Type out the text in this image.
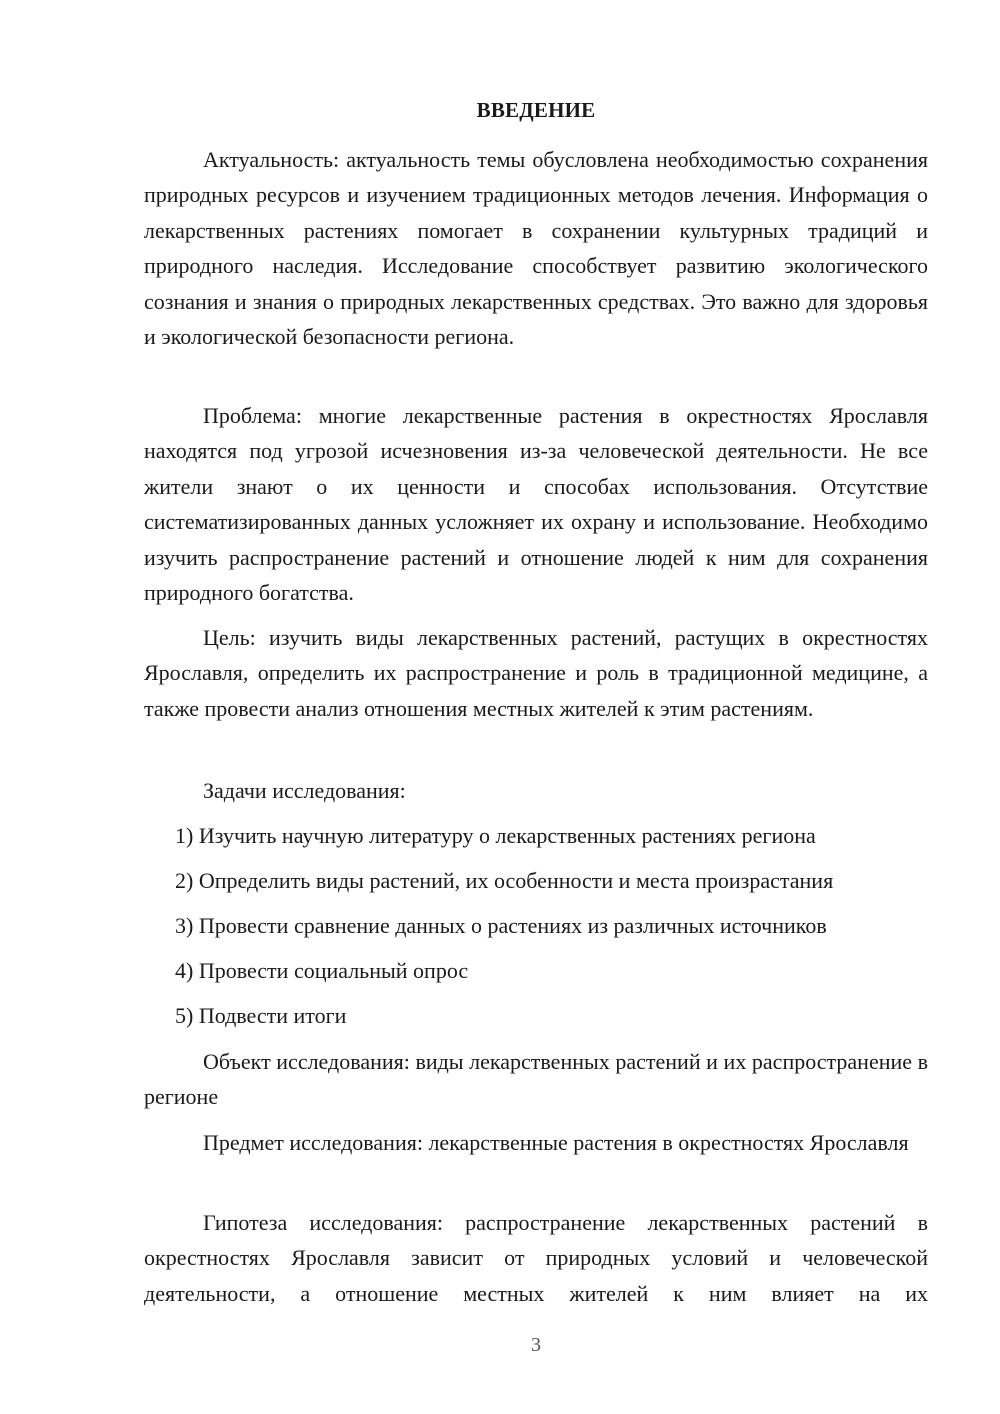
ВВЕДЕНИЕ

Актуальность: актуальность темы обусловлена необходимостью сохранения природных ресурсов и изучением традиционных методов лечения. Информация о лекарственных растениях помогает в сохранении культурных традиций и природного наследия. Исследование способствует развитию экологического сознания и знания о природных лекарственных средствах. Это важно для здоровья и экологической безопасности региона.

Проблема: многие лекарственные растения в окрестностях Ярославля находятся под угрозой исчезновения из-за человеческой деятельности. Не все жители знают о их ценности и способах использования. Отсутствие систематизированных данных усложняет их охрану и использование. Необходимо изучить распространение растений и отношение людей к ним для сохранения природного богатства.

Цель: изучить виды лекарственных растений, растущих в окрестностях Ярославля, определить их распространение и роль в традиционной медицине, а также провести анализ отношения местных жителей к этим растениям.

Задачи исследования:

1) Изучить научную литературу о лекарственных растениях региона

2) Определить виды растений, их особенности и места произрастания

3) Провести сравнение данных о растениях из различных источников

4) Провести социальный опрос

5) Подвести итоги

Объект исследования: виды лекарственных растений и их распространение в регионе

Предмет исследования: лекарственные растения в окрестностях Ярославля

Гипотеза исследования: распространение лекарственных растений в окрестностях Ярославля зависит от природных условий и человеческой деятельности, а отношение местных жителей к ним влияет на их

3
